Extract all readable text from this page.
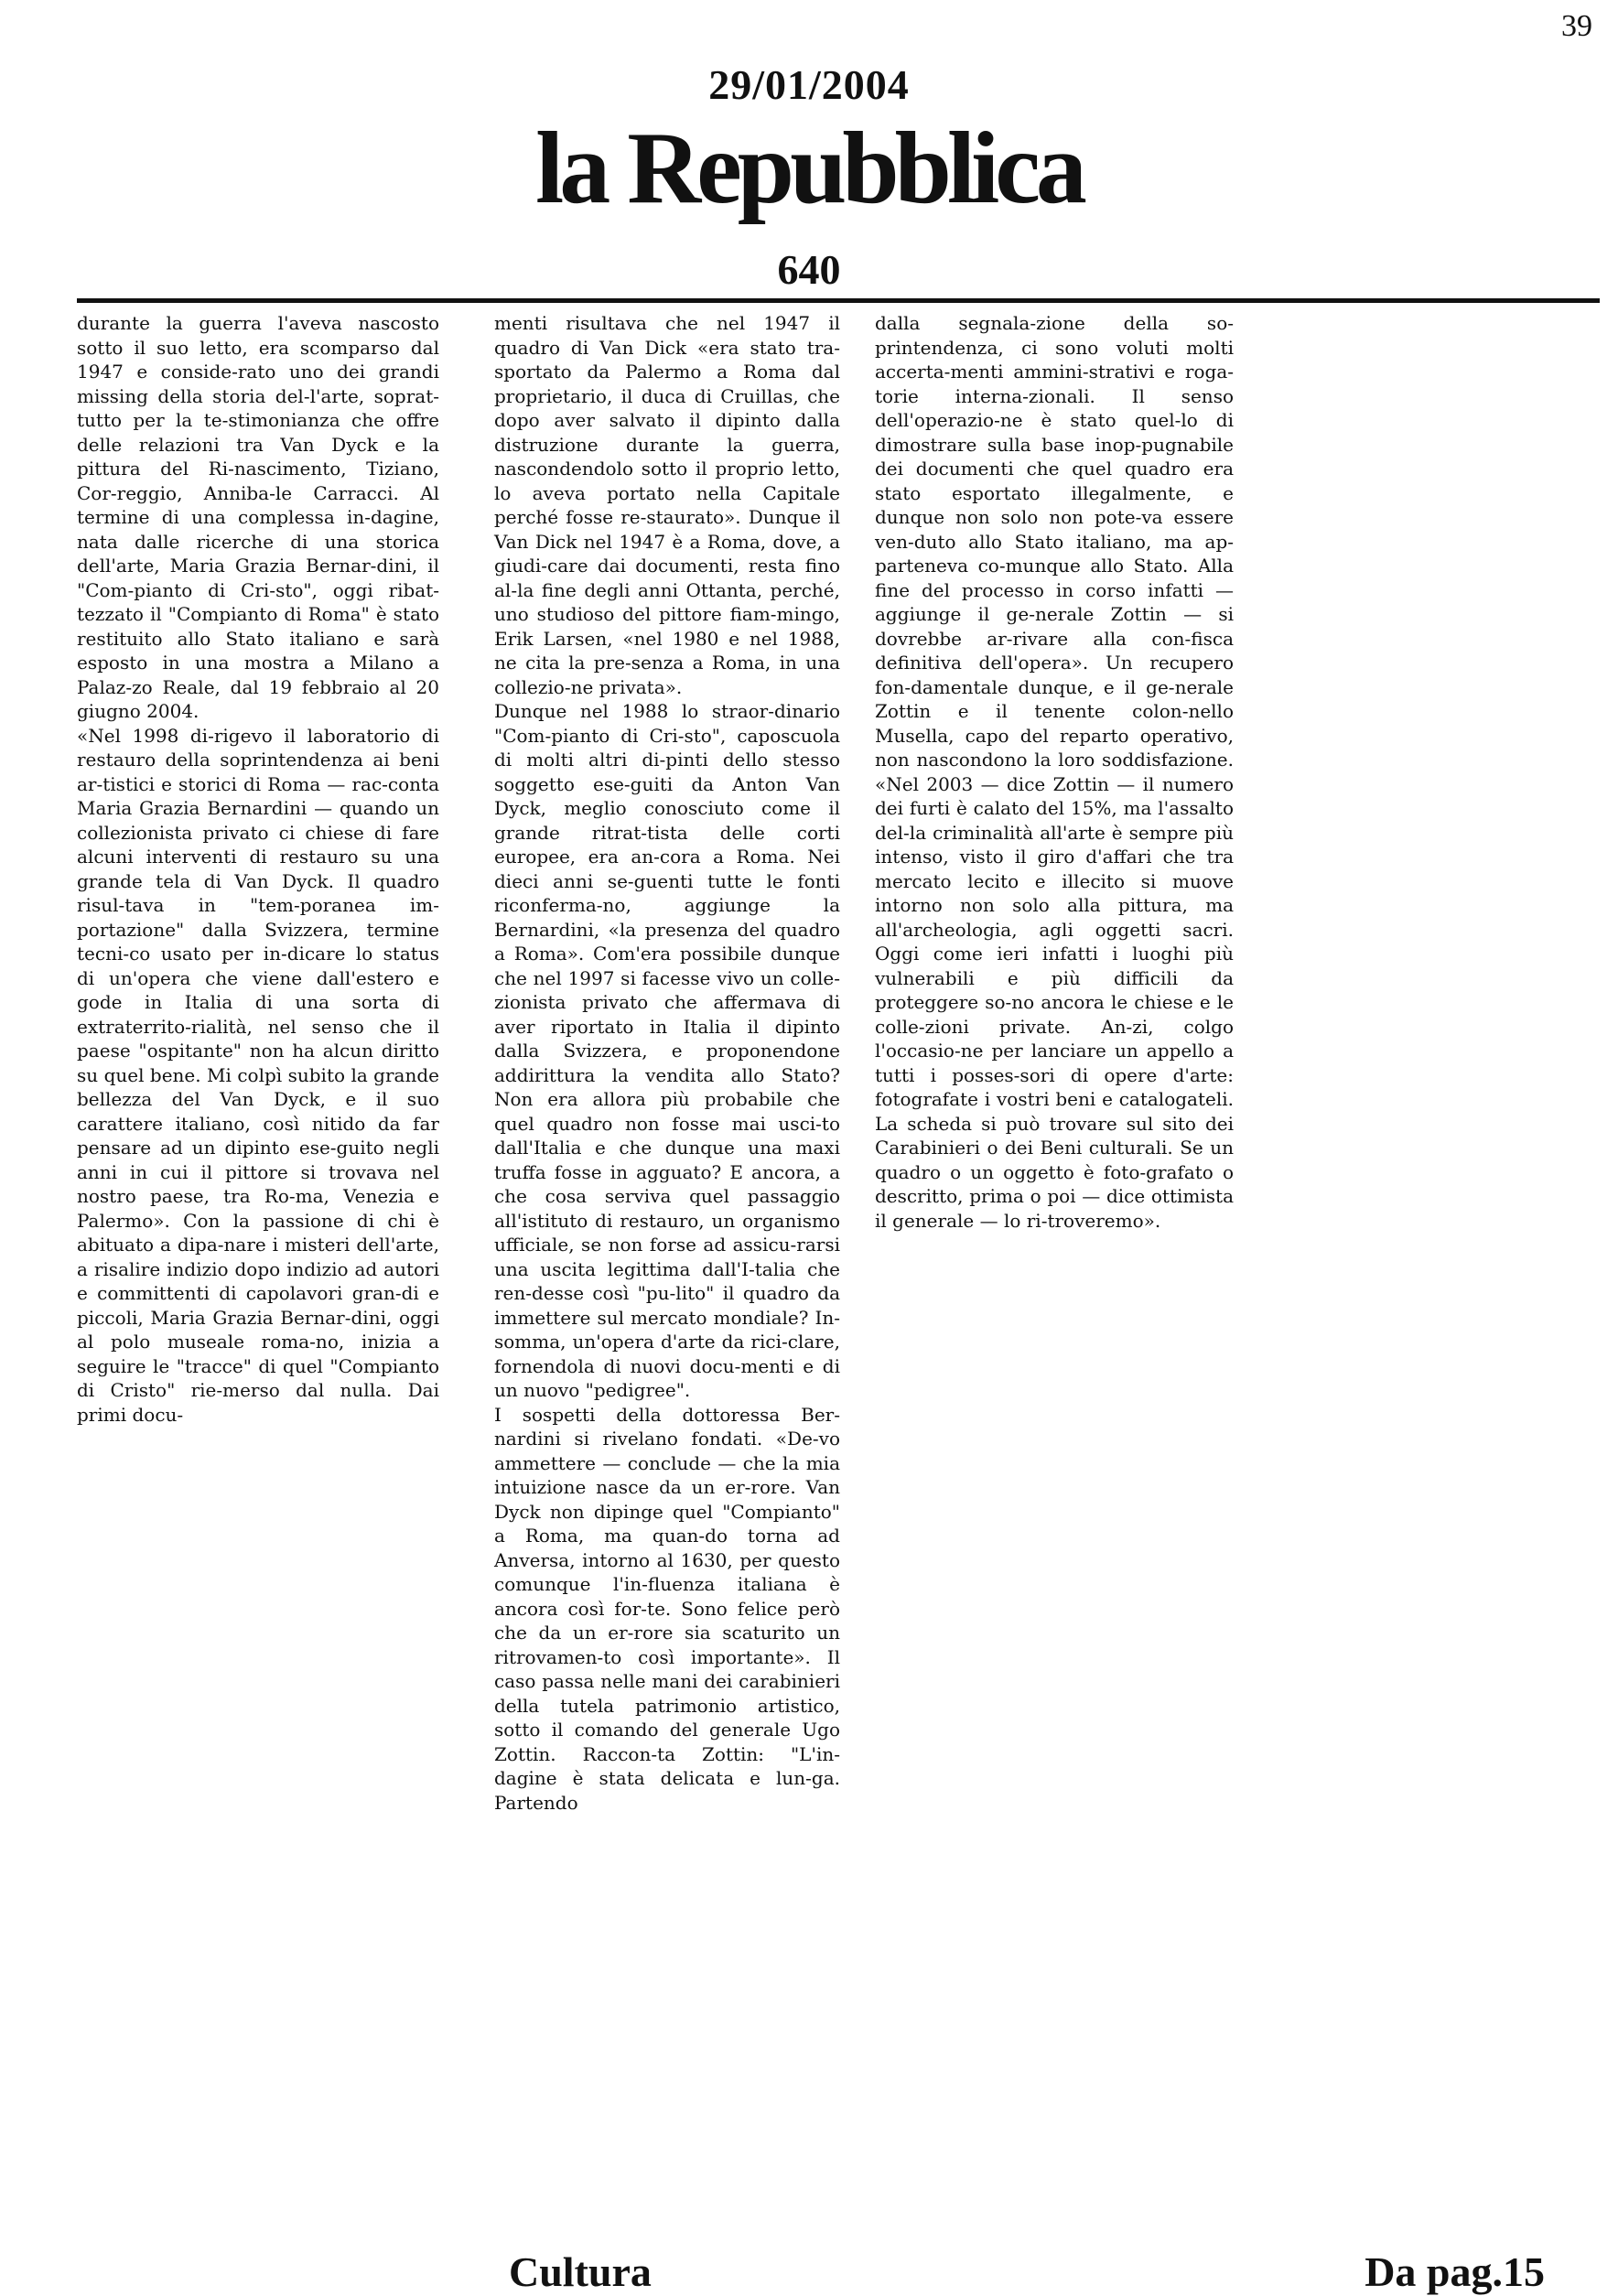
39
29/01/2004
la Repubblica
640
durante la guerra l'aveva nascosto sotto il suo letto, era scomparso dal 1947 e conside-rato uno dei grandi missing della storia del-l'arte, soprat-tutto per la te-stimonianza che offre delle relazioni tra Van Dyck e la pittura del Ri-nascimento, Tiziano, Cor-reggio, Anniba-le Carracci. Al termine di una complessa in-dagine, nata dalle ricerche di una storica dell'arte, Maria Grazia Bernar-dini, il "Com-pianto di Cri-sto", oggi ribat-tezzato il "Compianto di Roma" è stato restituito allo Stato italiano e sarà esposto in una mostra a Milano a Palaz-zo Reale, dal 19 febbraio al 20 giugno 2004.
«Nel 1998 di-rigevo il laboratorio di restauro della soprintendenza ai beni ar-tistici e storici di Roma — rac-conta Maria Grazia Bernardini — quando un collezionista privato ci chiese di fare alcuni interventi di restauro su una grande tela di Van Dyck. Il quadro risul-tava in "tem-poranea im-portazione" dalla Svizzera, termine tecni-co usato per in-dicare lo status di un'opera che viene dall'estero e gode in Italia di una sorta di extraterrito-rialità, nel senso che il paese "ospitante" non ha alcun diritto su quel bene. Mi colpì subito la grande bellezza del Van Dyck, e il suo carattere italiano, così nitido da far pensare ad un dipinto ese-guito negli anni in cui il pittore si trovava nel nostro paese, tra Ro-ma, Venezia e Palermo». Con la passione di chi è abituato a dipa-nare i misteri dell'arte, a risalire indizio dopo indizio ad autori e committenti di capolavori gran-di e piccoli, Maria Grazia Bernar-dini, oggi al polo museale roma-no, inizia a seguire le "tracce" di quel "Compianto di Cristo" rie-merso dal nulla. Dai primi docu-
menti risultava che nel 1947 il quadro di Van Dick «era stato tra-sportato da Palermo a Roma dal proprietario, il duca di Cruillas, che dopo aver salvato il dipinto dalla distruzione durante la guerra, nascondendolo sotto il proprio letto, lo aveva portato nella Capitale perché fosse re-staurato». Dunque il Van Dick nel 1947 è a Roma, dove, a giudi-care dai documenti, resta fino al-la fine degli anni Ottanta, perché, uno studioso del pittore fiam-mingo, Erik Larsen, «nel 1980 e nel 1988, ne cita la pre-senza a Roma, in una collezio-ne privata».
Dunque nel 1988 lo straor-dinario "Com-pianto di Cri-sto", caposcuola di molti altri di-pinti dello stesso soggetto ese-guiti da Anton Van Dyck, meglio conosciuto come il grande ritrat-tista delle corti europee, era an-cora a Roma. Nei dieci anni se-guenti tutte le fonti riconferma-no, aggiunge la Bernardini, «la presenza del quadro a Roma». Com'era possibile dunque che nel 1997 si facesse vivo un colle-zionista privato che affermava di aver riportato in Italia il dipinto dalla Svizzera, e proponendone addirittura la vendita allo Stato? Non era allora più probabile che quel quadro non fosse mai usci-to dall'Italia e che dunque una maxi truffa fosse in agguato? E ancora, a che cosa serviva quel passaggio all'istituto di restauro, un organismo ufficiale, se non forse ad assicu-rarsi una uscita legittima dall'I-talia che ren-desse così "pu-lito" il quadro da immettere sul mercato mondiale? In-somma, un'opera d'arte da rici-clare, fornendola di nuovi docu-menti e di un nuovo "pedigree".
I sospetti della dottoressa Ber-nardini si rivelano fondati. «De-vo ammettere — conclude — che la mia intuizione nasce da un er-rore. Van Dyck non dipinge quel "Compianto" a Roma, ma quan-do torna ad Anversa, intorno al 1630, per questo comunque l'in-fluenza italiana è ancora così for-te. Sono felice però che da un er-rore sia scaturito un ritrovamen-to così importante». Il caso passa nelle mani dei carabinieri della tutela patrimonio artistico, sotto il comando del generale Ugo Zottin. Raccon-ta Zottin: "L'in-dagine è stata delicata e lun-ga. Partendo
dalla segnala-zione della so-printendenza, ci sono voluti molti accerta-menti ammini-strativi e roga-torie interna-zionali. Il senso dell'operazio-ne è stato quel-lo di dimostrare sulla base inop-pugnabile dei documenti che quel quadro era stato esportato illegalmente, e dunque non solo non pote-va essere ven-duto allo Stato italiano, ma ap-parteneva co-munque allo Stato. Alla fine del processo in corso infatti — aggiunge il ge-nerale Zottin — si dovrebbe ar-rivare alla con-fisca definitiva dell'opera». Un recupero fon-damentale dunque, e il ge-nerale Zottin e il tenente colon-nello Musella, capo del reparto operativo, non nascondono la loro soddisfazione. «Nel 2003 — dice Zottin — il numero dei furti è calato del 15%, ma l'assalto del-la criminalità all'arte è sempre più intenso, visto il giro d'affari che tra mercato lecito e illecito si muove intorno non solo alla pittura, ma all'archeologia, agli oggetti sacri. Oggi come ieri infatti i luoghi più vulnerabili e più difficili da proteggere so-no ancora le chiese e le colle-zioni private. An-zi, colgo l'occasio-ne per lanciare un appello a tutti i posses-sori di opere d'arte: fotografate i vostri beni e catalogateli. La scheda si può trovare sul sito dei Carabinieri o dei Beni culturali. Se un quadro o un oggetto è foto-grafato o descritto, prima o poi — dice ottimista il generale — lo ri-troveremo».
Cultura	Da pag.15
